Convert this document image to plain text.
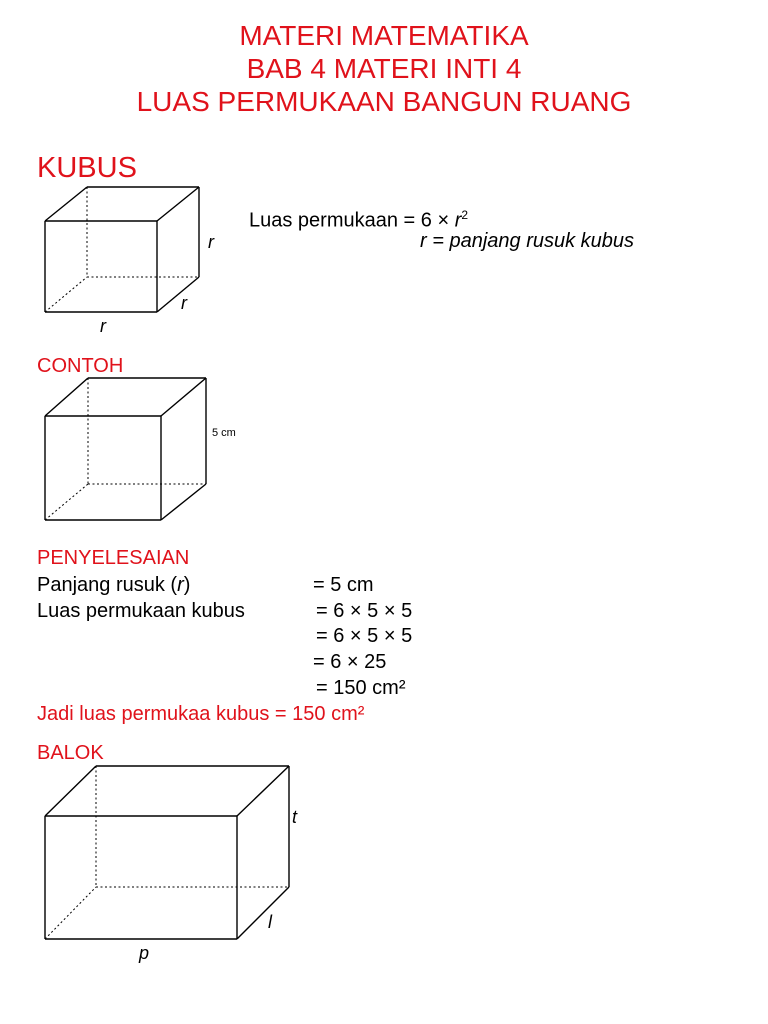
MATERI MATEMATIKA
BAB 4 MATERI INTI 4
LUAS PERMUKAAN BANGUN RUANG
KUBUS
r
r
r
Luas permukaan = $6 \times r^2$
r = panjang rusuk kubus
CONTOH
5 cm
PENYELESAIAN
Panjang rusuk (r)	= 5 cm
Luas permukaan kubus	= 6 × 5 × 5
= 6 × 5 × 5
= 6 × 25
= 150 cm²
Jadi luas permukaa kubus = 150 cm²
BALOK
t
l
p
